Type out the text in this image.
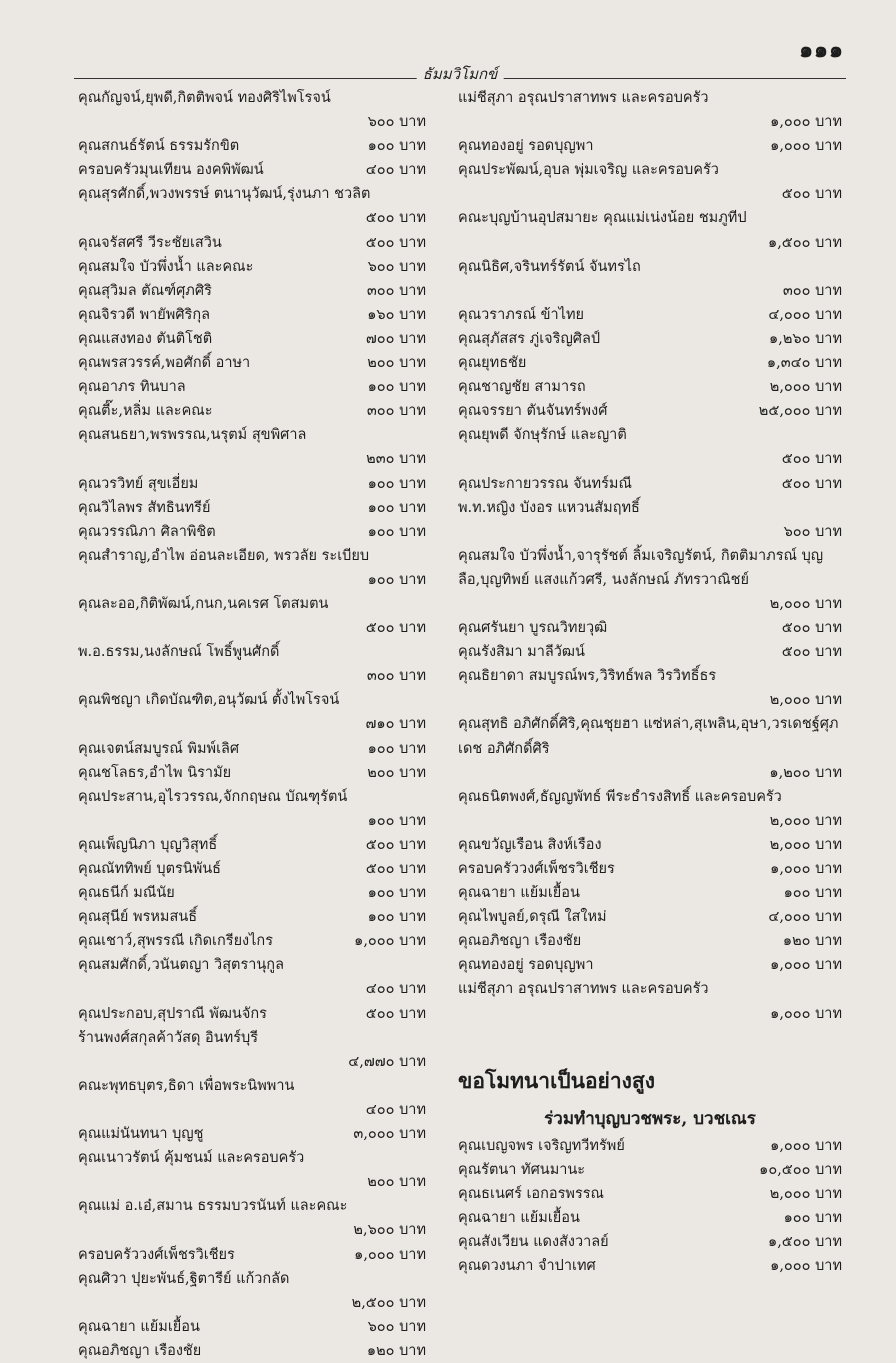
๑๑๑
ธัมมวิโมกข์
คุณกัญจน์,ยุพดี,กิตติพจน์ ทองศิริไพโรจน์
๖๐๐ บาท
คุณสกนธ์รัตน์ ธรรมรักขิต	๑๐๐ บาท
ครอบครัวมุนเทียน องคพิพัฒน์	๔๐๐ บาท
คุณสุรศักดิ์,พวงพรรษ์ ตนานุวัฒน์,รุ่งนภา ชวลิต
๕๐๐ บาท
คุณจรัสศรี วีระชัยเสวิน	๕๐๐ บาท
คุณสมใจ บัวพึ่งน้ำ และคณะ	๖๐๐ บาท
คุณสุวิมล ตัณฑ์ศุภศิริ	๓๐๐ บาท
คุณจิรวดี พายัพศิริกุล	๑๖๐ บาท
คุณแสงทอง ตันติโชติ	๗๐๐ บาท
คุณพรสวรรค์,พอศักดิ์ อาษา	๒๐๐ บาท
คุณอาภร ทินบาล	๑๐๐ บาท
คุณตี๊ะ,หลิ่ม และคณะ	๓๐๐ บาท
คุณสนธยา,พรพรรณ,นรุตม์ สุขพิศาล
๒๓๐ บาท
คุณวรวิทย์ สุขเอี่ยม	๑๐๐ บาท
คุณวิไลพร สัทธินทรีย์	๑๐๐ บาท
คุณวรรณิภา ศิลาพิชิต	๑๐๐ บาท
คุณสำราญ,อำไพ อ่อนละเอียด, พรวลัย ระเบียบ
๑๐๐ บาท
คุณละออ,กิติพัฒน์,กนก,นคเรศ โตสมตน
๕๐๐ บาท
พ.อ.ธรรม,นงลักษณ์ โพธิ์พูนศักดิ์
๓๐๐ บาท
คุณพิชญา เกิดบัณฑิต,อนุวัฒน์ ตั้งไพโรจน์
๗๑๐ บาท
คุณเจตน์สมบูรณ์ พิมพ์เลิศ	๑๐๐ บาท
คุณชโลธร,อำไพ นิรามัย	๒๐๐ บาท
คุณประสาน,อุไรวรรณ,จักกฤษณ บัณฑุรัตน์
๑๐๐ บาท
คุณเพ็ญนิภา บุญวิสุทธิ์	๕๐๐ บาท
คุณณัททิพย์ บุตรนิพันธ์	๕๐๐ บาท
คุณธนีก์ มณีนัย	๑๐๐ บาท
คุณสุนีย์ พรหมสนธิ์	๑๐๐ บาท
คุณเชาว์,สุพรรณี เกิดเกรียงไกร	๑,๐๐๐ บาท
คุณสมศักดิ์,วนันตญา วิสุตรานุกูล
๔๐๐ บาท
คุณประกอบ,สุปราณี พัฒนจักร	๕๐๐ บาท
ร้านพงศ์สกุลค้าวัสดุ อินทร์บุรี
๔,๗๗๐ บาท
คณะพุทธบุตร,ธิดา เพื่อพระนิพพาน
๔๐๐ บาท
คุณแม่นันทนา บุญชู	๓,๐๐๐ บาท
คุณเนาวรัตน์ คุ้มชนม์ และครอบครัว
๒๐๐ บาท
คุณแม่ อ.เอ๋,สมาน ธรรมบวรนันท์ และคณะ
๒,๖๐๐ บาท
ครอบครัววงศ์เพ็ชรวิเชียร	๑,๐๐๐ บาท
คุณศิวา ปุยะพันธ์,ฐิตารีย์ แก้วกลัด
๒,๕๐๐ บาท
คุณฉายา แย้มเยื้อน	๖๐๐ บาท
คุณอภิชญา เรืองชัย	๑๒๐ บาท
แม่ชีสุภา อรุณปราสาทพร และครอบครัว
๑,๐๐๐ บาท
คุณทองอยู่ รอดบุญพา	๑,๐๐๐ บาท
คุณประพัฒน์,อุบล พุ่มเจริญ และครอบครัว
๕๐๐ บาท
คณะบุญบ้านอุปสมายะ คุณแม่เน่งน้อย ชมภูทีป
๑,๕๐๐ บาท
คุณนิธิศ,จรินทร์รัตน์ จันทรไถ
๓๐๐ บาท
คุณวราภรณ์ ข้าไทย	๔,๐๐๐ บาท
คุณสุภัสสร ภู่เจริญศิลป์	๑,๒๖๐ บาท
คุณยุทธชัย	๑,๓๔๐ บาท
คุณชาญชัย สามารถ	๒,๐๐๐ บาท
คุณจรรยา ตันจันทร์พงศ์	๒๕,๐๐๐ บาท
คุณยุพดี จักษุรักษ์ และญาติ
๕๐๐ บาท
คุณประกายวรรณ จันทร์มณี	๕๐๐ บาท
พ.ท.หญิง บังอร แหวนสัมฤทธิ์
๖๐๐ บาท
คุณสมใจ บัวพึ่งน้ำ,จารุรัชต์ ลิ้มเจริญรัตน์, กิตติมาภรณ์ บุญลือ,บุญทิพย์ แสงแก้วศรี, นงลักษณ์ ภัทรวาณิชย์
๒,๐๐๐ บาท
คุณศรันยา บูรณวิทยวุฒิ	๕๐๐ บาท
คุณรังสิมา มาลีวัฒน์	๕๐๐ บาท
คุณธิยาดา สมบูรณ์พร,วิริทธ์พล วิรวิทธิ์ธร
๒,๐๐๐ บาท
คุณสุทธิ อภิศักดิ์ศิริ,คุณชุยฮา แซ่หล่า,สุเพลิน,อุษา,วรเดชฐ์ศุภเดช อภิศักดิ์ศิริ
๑,๒๐๐ บาท
คุณธนิตพงศ์,ธัญญพัทธ์ พีระธำรงสิทธิ์ และครอบครัว
๒,๐๐๐ บาท
คุณขวัญเรือน สิงห์เรือง	๒,๐๐๐ บาท
ครอบครัววงศ์เพ็ชรวิเชียร	๑,๐๐๐ บาท
คุณฉายา แย้มเยื้อน	๑๐๐ บาท
คุณไพบูลย์,ดรุณี ใสใหม่	๔,๐๐๐ บาท
คุณอภิชญา เรืองชัย	๑๒๐ บาท
คุณทองอยู่ รอดบุญพา	๑,๐๐๐ บาท
แม่ชีสุภา อรุณปราสาทพร และครอบครัว
๑,๐๐๐ บาท
ขอโมทนาเป็นอย่างสูง
ร่วมทำบุญบวชพระ, บวชเณร
คุณเบญจพร เจริญทวีทรัพย์	๑,๐๐๐ บาท
คุณรัตนา ทัศนมานะ	๑๐,๕๐๐ บาท
คุณธเนศร์ เอกอรพรรณ	๒,๐๐๐ บาท
คุณฉายา แย้มเยื้อน	๑๐๐ บาท
คุณสังเวียน แดงสังวาลย์	๑,๕๐๐ บาท
คุณดวงนภา จำปาเทศ	๑,๐๐๐ บาท
